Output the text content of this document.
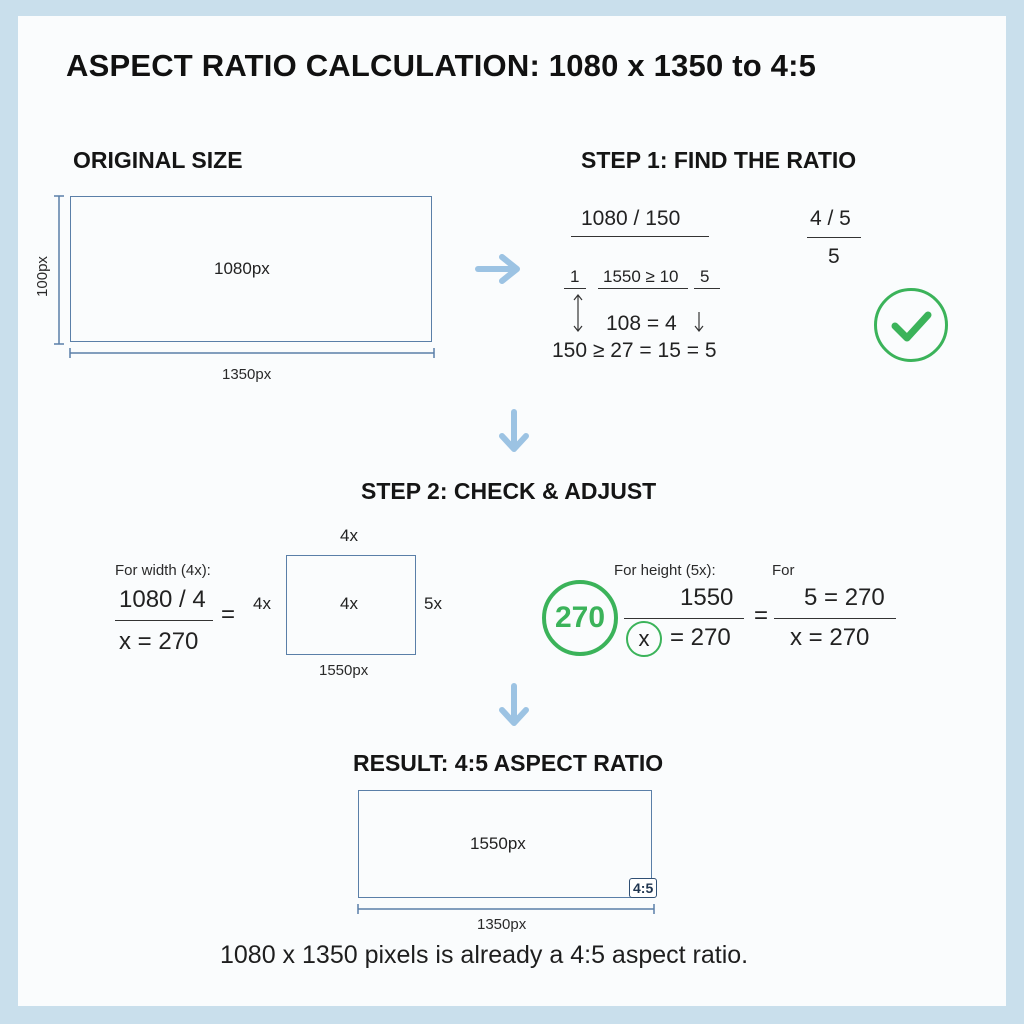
ASPECT RATIO CALCULATION: 1080 x 1350 to 4:5
ORIGINAL SIZE
1080px
100px
1350px
STEP 1: FIND THE RATIO
1080 / 150	4 / 5
5
1 1550 ≥ 10 5
108 = 4
150 ≥ 27 = 15 = 5
STEP 2: CHECK & ADJUST
For width (4x):
1080 / 4
x = 270
= 4x
4x
4x	5x
1550px
For height (5x):	For
270
1550
x = 270
=
5 = 270
x = 270
RESULT: 4:5 ASPECT RATIO
1550px
4:5
1350px
1080 x 1350 pixels is already a 4:5 aspect ratio.
